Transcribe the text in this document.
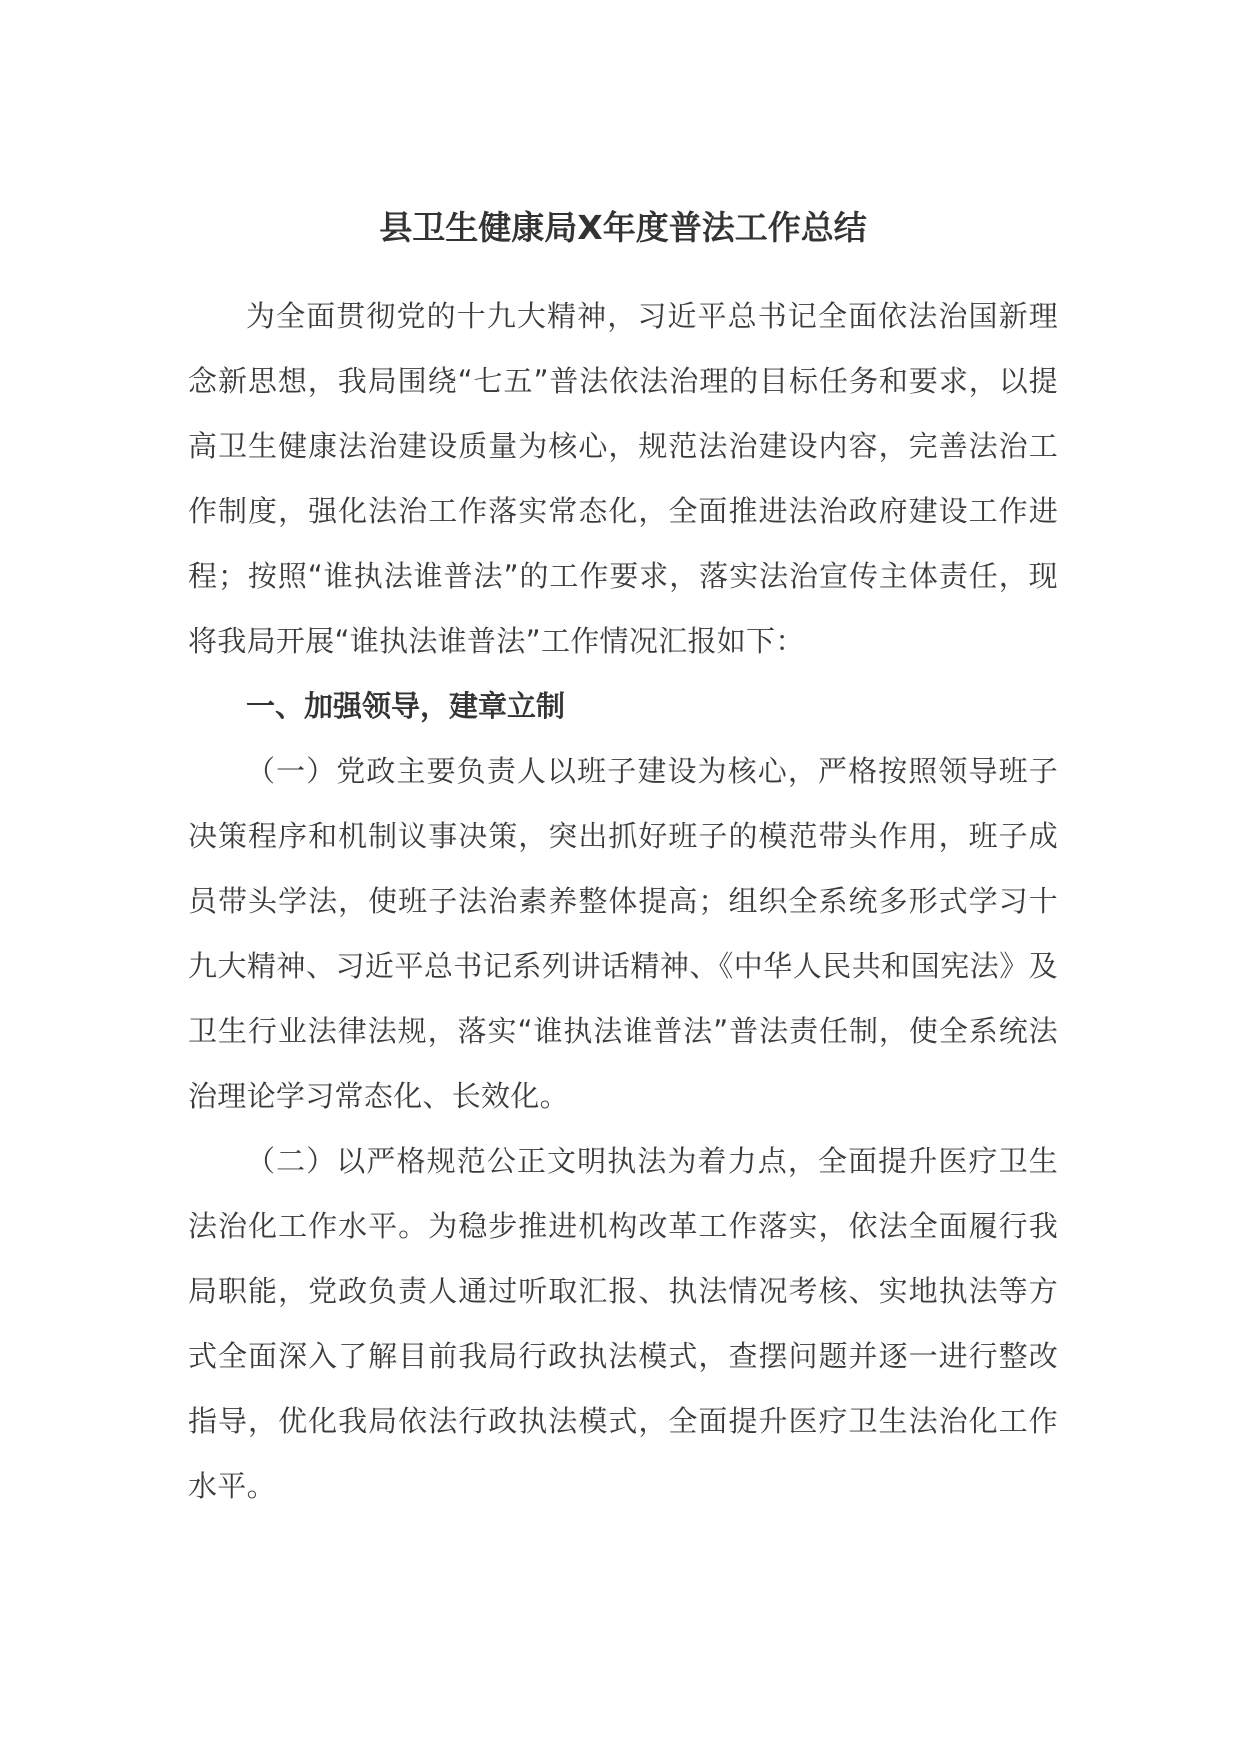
县卫生健康局X年度普法工作总结

为全面贯彻党的十九大精神，习近平总书记全面依法治国新理念新思想，我局围绕“七五”普法依法治理的目标任务和要求，以提高卫生健康法治建设质量为核心，规范法治建设内容，完善法治工作制度，强化法治工作落实常态化，全面推进法治政府建设工作进程；按照“谁执法谁普法”的工作要求，落实法治宣传主体责任，现将我局开展“谁执法谁普法”工作情况汇报如下：

一、加强领导，建章立制

（一）党政主要负责人以班子建设为核心，严格按照领导班子决策程序和机制议事决策，突出抓好班子的模范带头作用，班子成员带头学法，使班子法治素养整体提高；组织全系统多形式学习十九大精神、习近平总书记系列讲话精神、《中华人民共和国宪法》及卫生行业法律法规，落实“谁执法谁普法”普法责任制，使全系统法治理论学习常态化、长效化。

（二）以严格规范公正文明执法为着力点，全面提升医疗卫生法治化工作水平。为稳步推进机构改革工作落实，依法全面履行我局职能，党政负责人通过听取汇报、执法情况考核、实地执法等方式全面深入了解目前我局行政执法模式，查摆问题并逐一进行整改指导，优化我局依法行政执法模式，全面提升医疗卫生法治化工作水平。
